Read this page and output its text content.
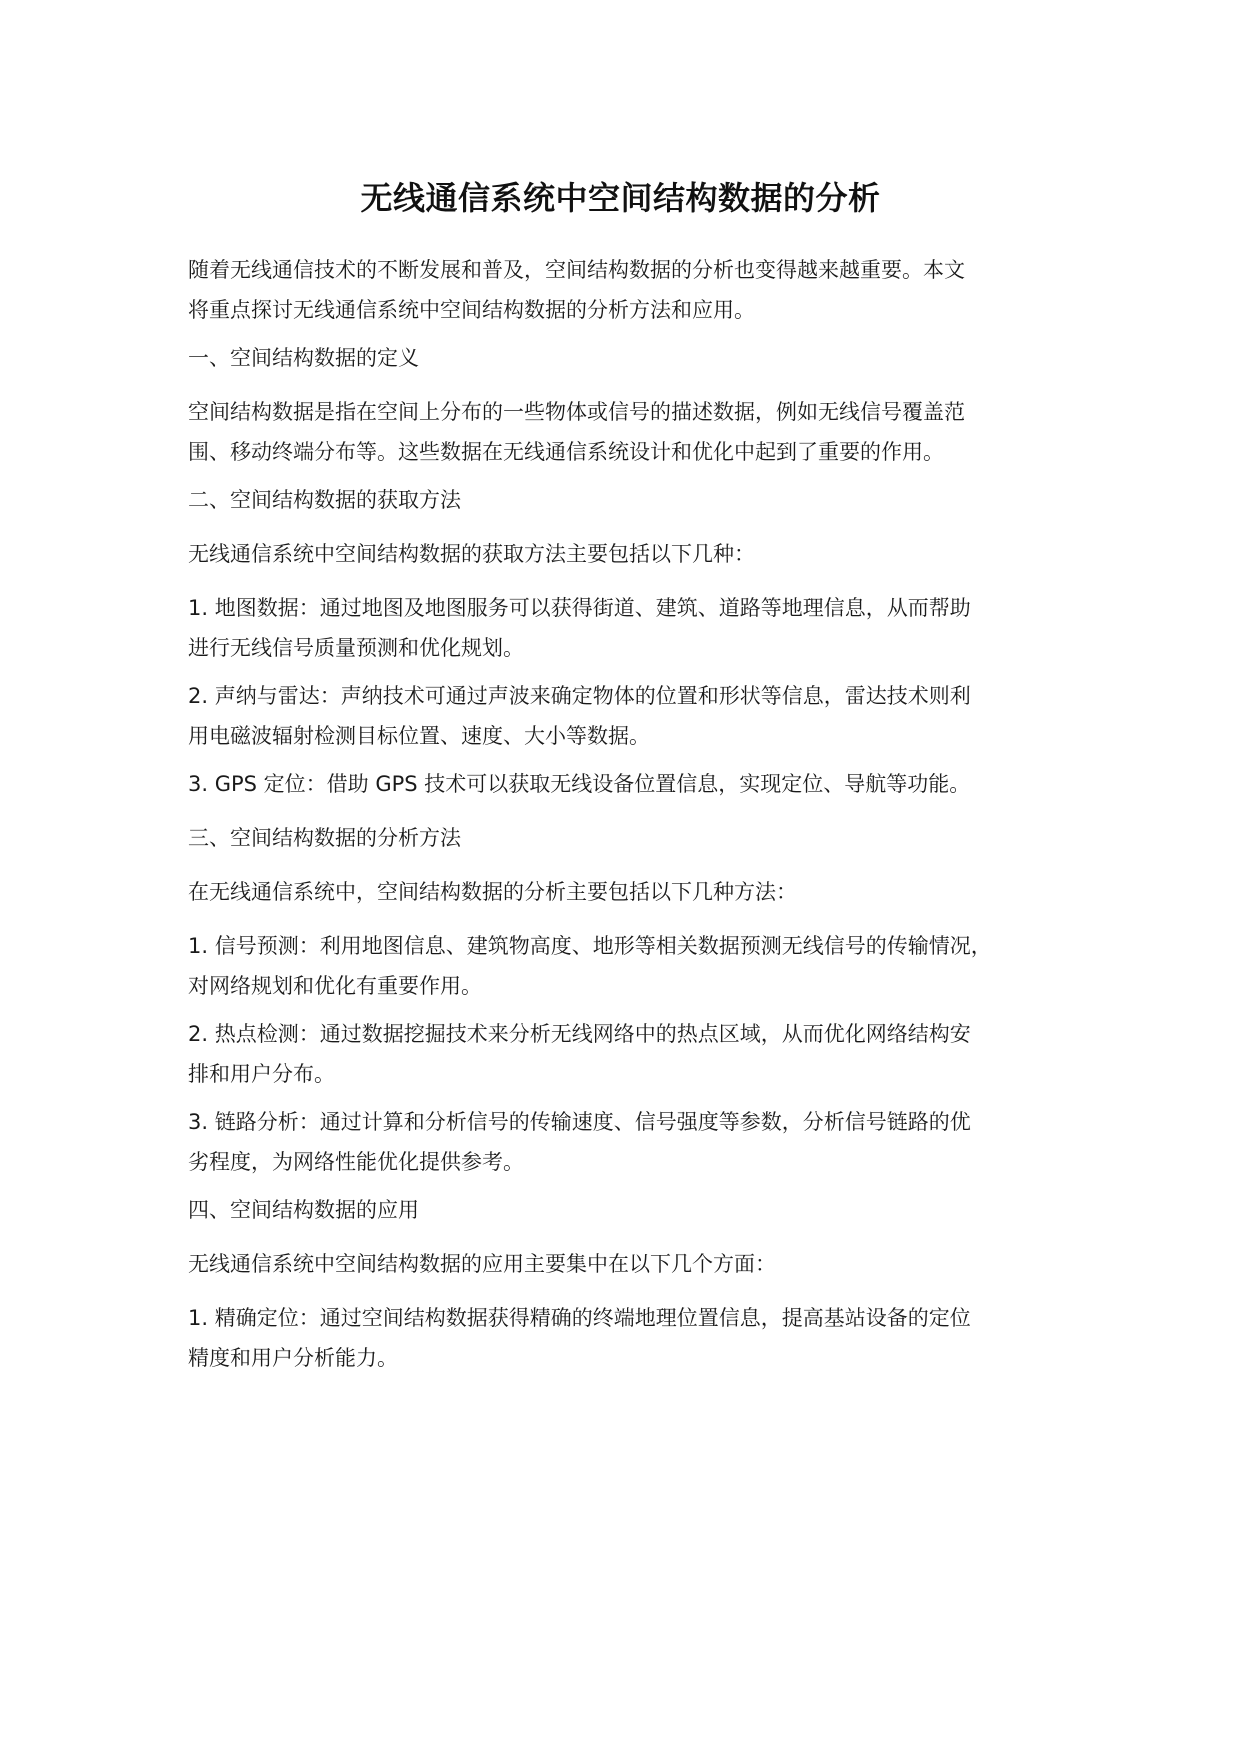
无线通信系统中空间结构数据的分析
随着无线通信技术的不断发展和普及，空间结构数据的分析也变得越来越重要。本文
将重点探讨无线通信系统中空间结构数据的分析方法和应用。
一、空间结构数据的定义
空间结构数据是指在空间上分布的一些物体或信号的描述数据，例如无线信号覆盖范
围、移动终端分布等。这些数据在无线通信系统设计和优化中起到了重要的作用。
二、空间结构数据的获取方法
无线通信系统中空间结构数据的获取方法主要包括以下几种：
1. 地图数据：通过地图及地图服务可以获得街道、建筑、道路等地理信息，从而帮助
进行无线信号质量预测和优化规划。
2. 声纳与雷达：声纳技术可通过声波来确定物体的位置和形状等信息，雷达技术则利
用电磁波辐射检测目标位置、速度、大小等数据。
3. GPS 定位：借助 GPS 技术可以获取无线设备位置信息，实现定位、导航等功能。
三、空间结构数据的分析方法
在无线通信系统中，空间结构数据的分析主要包括以下几种方法：
1. 信号预测：利用地图信息、建筑物高度、地形等相关数据预测无线信号的传输情况，
对网络规划和优化有重要作用。
2. 热点检测：通过数据挖掘技术来分析无线网络中的热点区域，从而优化网络结构安
排和用户分布。
3. 链路分析：通过计算和分析信号的传输速度、信号强度等参数，分析信号链路的优
劣程度，为网络性能优化提供参考。
四、空间结构数据的应用
无线通信系统中空间结构数据的应用主要集中在以下几个方面：
1. 精确定位：通过空间结构数据获得精确的终端地理位置信息，提高基站设备的定位
精度和用户分析能力。
